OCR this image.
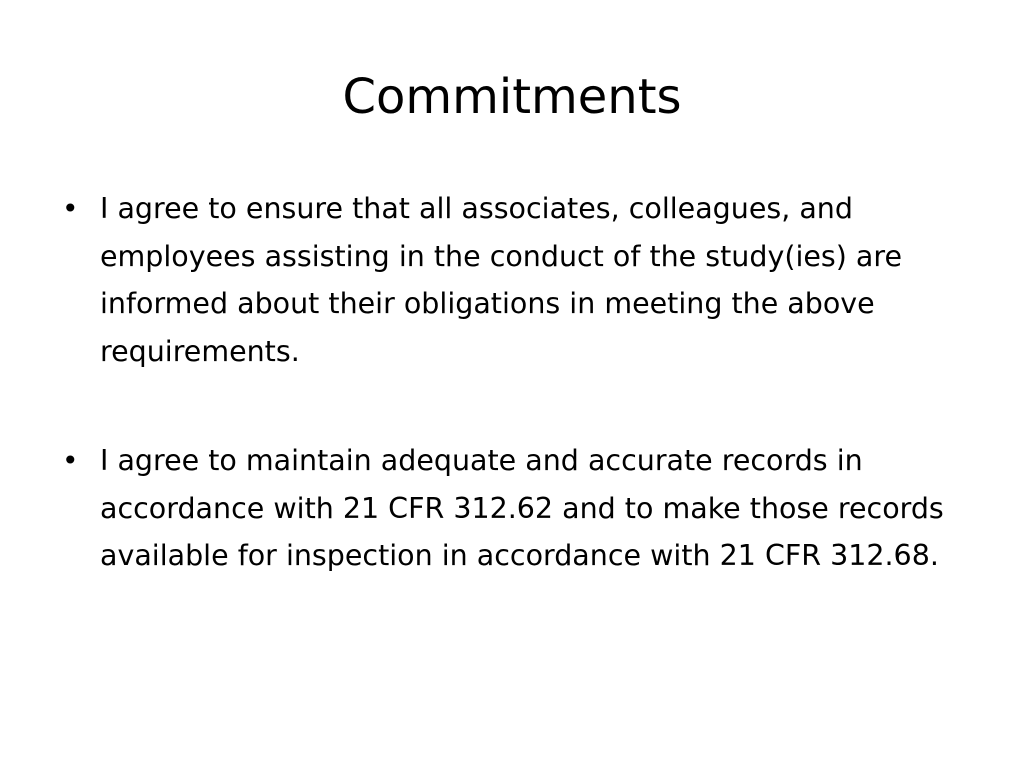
Commitments
• I agree to ensure that all associates, colleagues, and employees assisting in the conduct of the study(ies) are informed about their obligations in meeting the above requirements.
• I agree to maintain adequate and accurate records in accordance with 21 CFR 312.62 and to make those records available for inspection in accordance with 21 CFR 312.68.
